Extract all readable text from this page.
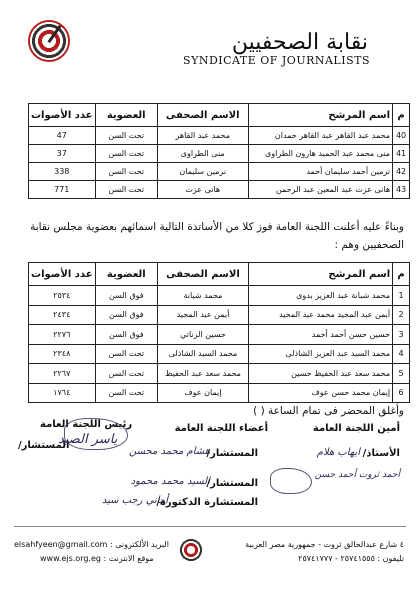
نقابة الصحفيين
SYNDICATE OF JOURNALISTS
م	اسم المرشح	الاسم الصحفى	العضوية	عدد الأصوات
40	محمد عبد القاهر عبد القاهر حمدان	محمد عبد القاهر	تحت السن	47
41	منى محمد عبد الحميد هارون الطراوى	منى الطراوى	تحت السن	37
42	نرمين أحمد سليمان أحمد	نرمين سليمان	تحت السن	338
43	هانى عزت عبد المعين عبد الرحمن	هانى عزت	تحت السن	771
وبناءً عليه أعلنت اللجنة العامة فوز كلا من الأساتذة التالية اسمائهم بعضوية مجلس نقابة الصحفيين وهم :
م	اسم المرشح	الاسم الصحفى	العضوية	عدد الأصوات
1	محمد شبانة عبد العزيز بدوى	محمد شبانة	فوق السن	٢٥٣٤
2	أيمن عبد المجيد محمد عبد المجيد	أيمن عبد المجيد	فوق السن	٢٤٣٤
3	حسين حسن أحمد أحمد	حسين الزناتي	فوق السن	٢٢٧٦
4	محمد السيد عبد العزيز الشاذلى	محمد السيد الشاذلى	تحت السن	٢٣٤٨
5	محمد سعد عبد الحفيظ حسين	محمد سعد عبد الحفيظ	تحت السن	٢٢٦٧
6	إيمان محمد حسن عوف	إيمان عوف	تحت السن	١٧٦٤
وأغلق المحضر فى تمام الساعة ( )
أمين اللجنة العامة
أعضاء اللجنة العامة
رئيس اللجنة العامة
الأستاذ/
ايهاب هلام
المستشار/
هشام محمد محسن
المستشار/
ياسر الصيد
أحمد ثروت أحمد حسن
المستشار/
السيد محمد محمود
المستشارة الدكتورة/
أماني رجب سيد
البريد الألكترونى : elsahfyeen@gmail.com
موقع الانترنت : www.ejs.org.eg
٤ شارع عبدالخالق ثروت - جمهورية مصر العربية
تليفون : ٢٥٧٤١٥٥٥ - ٢٥٧٤١٧٧٧
